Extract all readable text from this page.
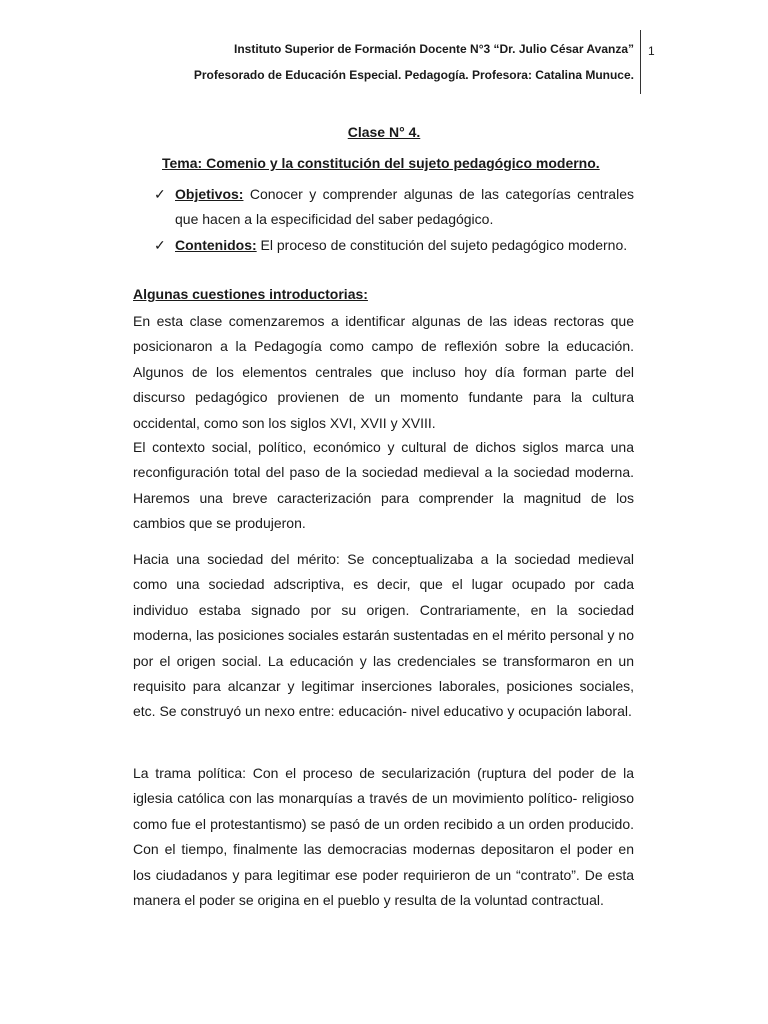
Instituto Superior de Formación Docente N°3 “Dr. Julio César Avanza”
Profesorado de Educación Especial. Pedagogía. Profesora: Catalina Munuce.
1
Clase N° 4.
Tema: Comenio y la constitución del sujeto pedagógico moderno.
✓ Objetivos: Conocer y comprender algunas de las categorías centrales que hacen a la especificidad del saber pedagógico.
✓ Contenidos: El proceso de constitución del sujeto pedagógico moderno.
Algunas cuestiones introductorias:
En esta clase comenzaremos a identificar algunas de las ideas rectoras que posicionaron a la Pedagogía como campo de reflexión sobre la educación. Algunos de los elementos centrales que incluso hoy día forman parte del discurso pedagógico provienen de un momento fundante para la cultura occidental, como son los siglos XVI, XVII y XVIII.
El contexto social, político, económico y cultural de dichos siglos marca una reconfiguración total del paso de la sociedad medieval a la sociedad moderna. Haremos una breve caracterización para comprender la magnitud de los cambios que se produjeron.
Hacia una sociedad del mérito: Se conceptualizaba a la sociedad medieval como una sociedad adscriptiva, es decir, que el lugar ocupado por cada individuo estaba signado por su origen. Contrariamente, en la sociedad moderna, las posiciones sociales estarán sustentadas en el mérito personal y no por el origen social. La educación y las credenciales se transformaron en un requisito para alcanzar y legitimar inserciones laborales, posiciones sociales, etc. Se construyó un nexo entre: educación- nivel educativo y ocupación laboral.
La trama política: Con el proceso de secularización (ruptura del poder de la iglesia católica con las monarquías a través de un movimiento político- religioso como fue el protestantismo) se pasó de un orden recibido a un orden producido. Con el tiempo, finalmente las democracias modernas depositaron el poder en los ciudadanos y para legitimar ese poder requirieron de un “contrato”. De esta manera el poder se origina en el pueblo y resulta de la voluntad contractual.
